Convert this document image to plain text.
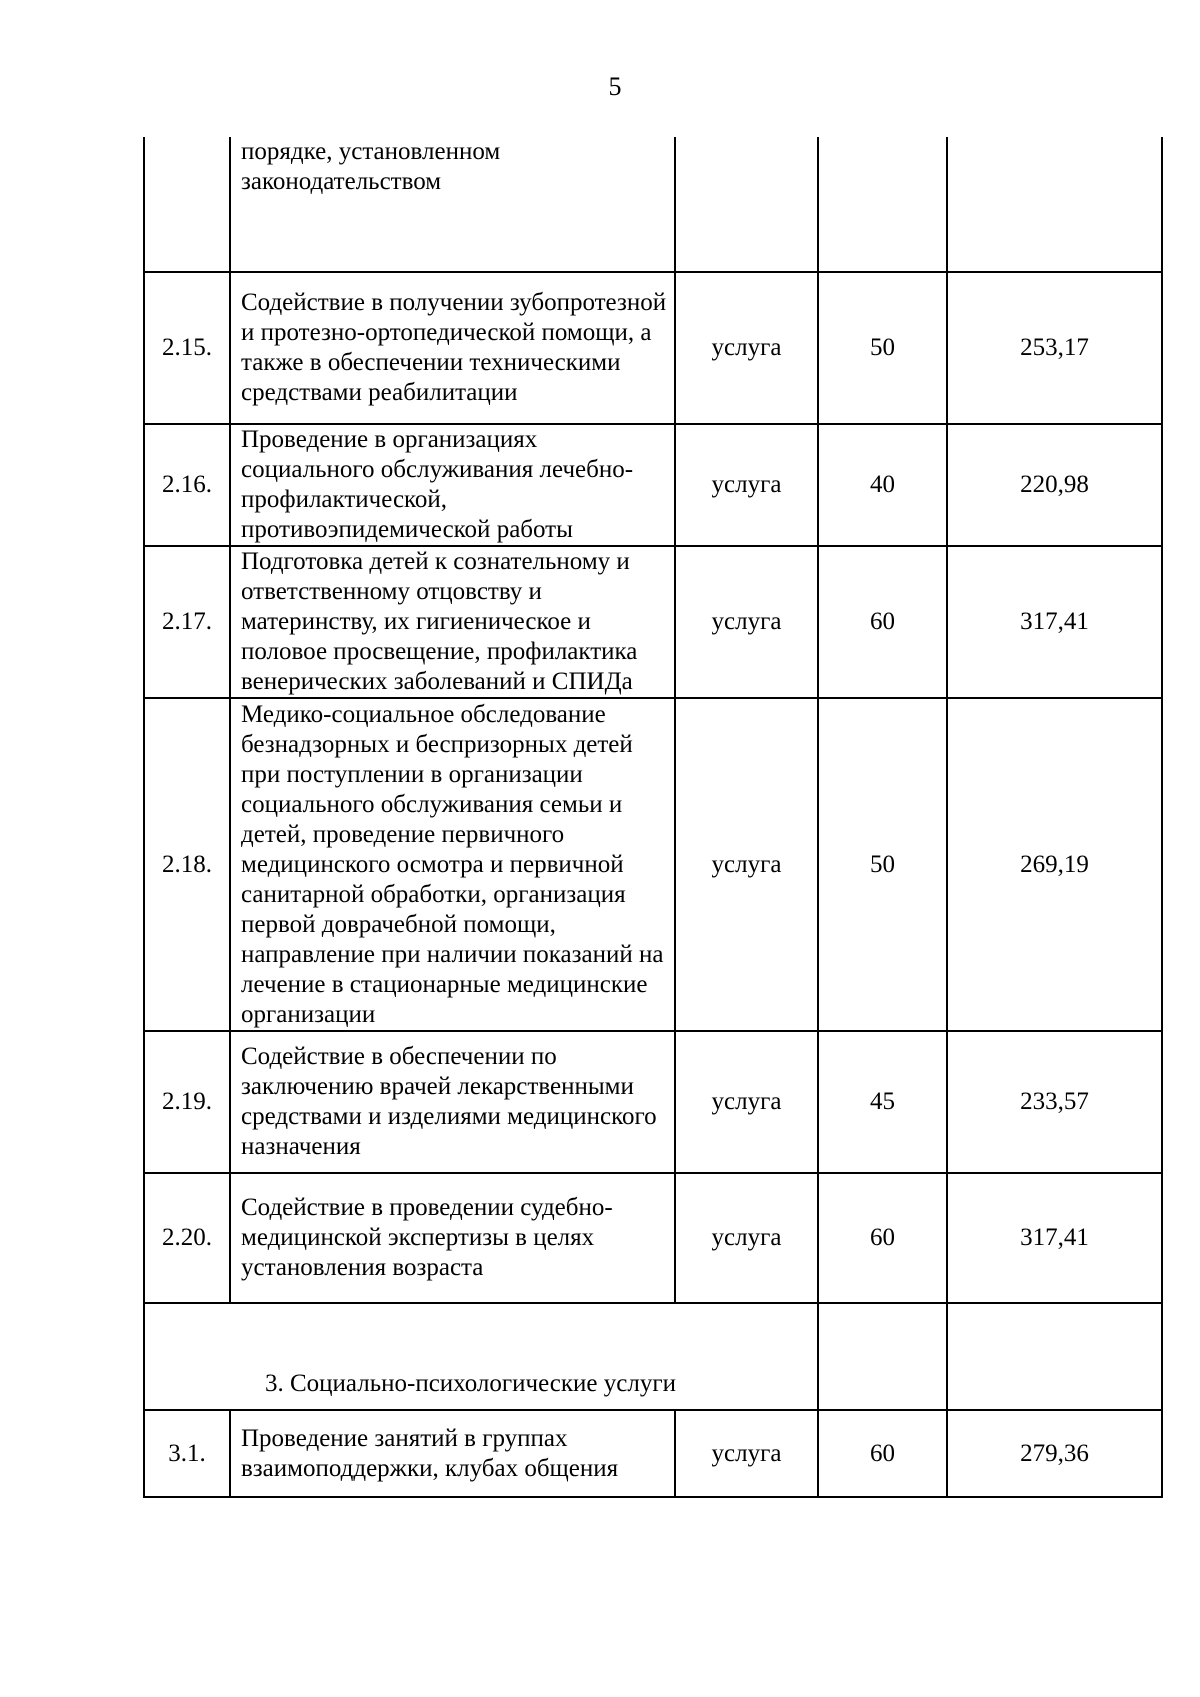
5
	порядке, установленном законодательством			
2.15.	Содействие в получении зубопротезной и протезно-ортопедической помощи, а также в обеспечении техническими средствами реабилитации	услуга	50	253,17
2.16.	Проведение в организациях социального обслуживания лечебно-профилактической, противоэпидемической работы	услуга	40	220,98
2.17.	Подготовка детей к сознательному и ответственному отцовству и материнству, их гигиеническое и половое просвещение, профилактика венерических заболеваний и СПИДа	услуга	60	317,41
2.18.	Медико-социальное обследование безнадзорных и беспризорных детей при поступлении в организации социального обслуживания семьи и детей, проведение первичного медицинского осмотра и первичной санитарной обработки, организация первой доврачебной помощи, направление при наличии показаний на лечение в стационарные медицинские организации	услуга	50	269,19
2.19.	Содействие в обеспечении по заключению врачей лекарственными средствами и изделиями медицинского назначения	услуга	45	233,57
2.20.	Содействие в проведении судебно-медицинской экспертизы в целях установления возраста	услуга	60	317,41
3. Социально-психологические услуги				
3.1.	Проведение занятий в группах взаимоподдержки, клубах общения	услуга	60	279,36
